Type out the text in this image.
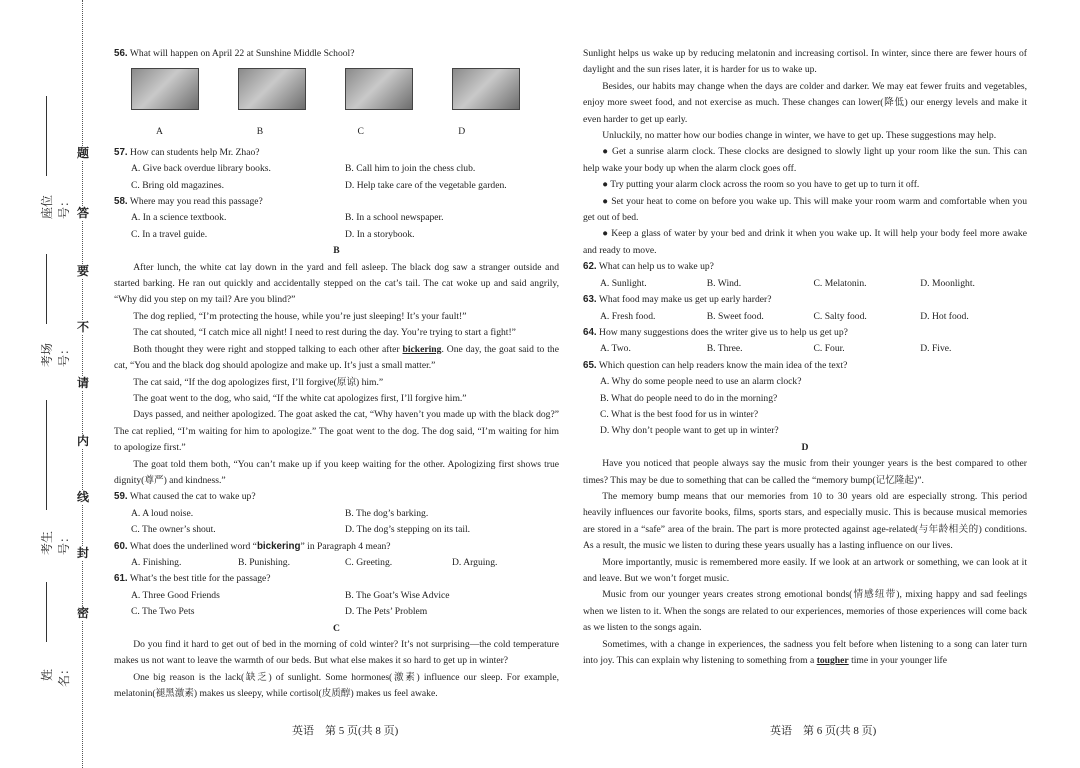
题
答
要
不
请
内
线
封
密
座位号：
考场号：
考生号：
姓名：

56. What will happen on April 22 at Sunshine Middle School?

A	B	C	D

57. How can students help Mr. Zhao?

A. Give back overdue library books.	B. Call him to join the chess club.
C. Bring old magazines.	D. Help take care of the vegetable garden.

58. Where may you read this passage?

A. In a science textbook.	B. In a school newspaper.
C. In a travel guide.	D. In a storybook.

B

After lunch, the white cat lay down in the yard and fell asleep. The black dog saw a stranger outside and started barking. He ran out quickly and accidentally stepped on the cat’s tail. The cat woke up and said angrily, “Why did you step on my tail? Are you blind?”

The dog replied, “I’m protecting the house, while you’re just sleeping! It’s your fault!”

The cat shouted, “I catch mice all night! I need to rest during the day. You’re trying to start a fight!”

Both thought they were right and stopped talking to each other after bickering. One day, the goat said to the cat, “You and the black dog should apologize and make up. It’s just a small matter.”

The cat said, “If the dog apologizes first, I’ll forgive(原谅) him.”

The goat went to the dog, who said, “If the white cat apologizes first, I’ll forgive him.”

Days passed, and neither apologized. The goat asked the cat, “Why haven’t you made up with the black dog?” The cat replied, “I’m waiting for him to apologize.” The goat went to the dog. The dog said, “I’m waiting for him to apologize first.”

The goat told them both, “You can’t make up if you keep waiting for the other. Apologizing first shows true dignity(尊严) and kindness.”

59. What caused the cat to wake up?

A. A loud noise.	B. The dog’s barking.
C. The owner’s shout.	D. The dog’s stepping on its tail.

60. What does the underlined word “bickering” in Paragraph 4 mean?

A. Finishing.	B. Punishing.	C. Greeting.	D. Arguing.

61. What’s the best title for the passage?

A. Three Good Friends	B. The Goat’s Wise Advice
C. The Two Pets	D. The Pets’ Problem

C

Do you find it hard to get out of bed in the morning of cold winter? It’s not surprising—the cold temperature makes us not want to leave the warmth of our beds. But what else makes it so hard to get up in winter?

One big reason is the lack(缺乏) of sunlight. Some hormones(激素) influence our sleep. For example, melatonin(褪黑激素) makes us sleepy, while cortisol(皮质醇) makes us feel awake.

英语　第 5 页(共 8 页)

Sunlight helps us wake up by reducing melatonin and increasing cortisol. In winter, since there are fewer hours of daylight and the sun rises later, it is harder for us to wake up.

Besides, our habits may change when the days are colder and darker. We may eat fewer fruits and vegetables, enjoy more sweet food, and not exercise as much. These changes can lower(降低) our energy levels and make it even harder to get up early.

Unluckily, no matter how our bodies change in winter, we have to get up. These suggestions may help.

● Get a sunrise alarm clock. These clocks are designed to slowly light up your room like the sun. This can help wake your body up when the alarm clock goes off.

● Try putting your alarm clock across the room so you have to get up to turn it off.

● Set your heat to come on before you wake up. This will make your room warm and comfortable when you get out of bed.

● Keep a glass of water by your bed and drink it when you wake up. It will help your body feel more awake and ready to move.

62. What can help us to wake up?

A. Sunlight.	B. Wind.	C. Melatonin.	D. Moonlight.

63. What food may make us get up early harder?

A. Fresh food.	B. Sweet food.	C. Salty food.	D. Hot food.

64. How many suggestions does the writer give us to help us get up?

A. Two.	B. Three.	C. Four.	D. Five.

65. Which question can help readers know the main idea of the text?

A. Why do some people need to use an alarm clock?
B. What do people need to do in the morning?
C. What is the best food for us in winter?
D. Why don’t people want to get up in winter?

D

Have you noticed that people always say the music from their younger years is the best compared to other times? This may be due to something that can be called the “memory bump(记忆隆起)”.

The memory bump means that our memories from 10 to 30 years old are especially strong. This period heavily influences our favorite books, films, sports stars, and especially music. This is because musical memories are stored in a “safe” area of the brain. The part is more protected against age-related(与年龄相关的) conditions. As a result, the music we listen to during these years usually has a lasting influence on our lives.

More importantly, music is remembered more easily. If we look at an artwork or something, we can look at it and leave. But we won’t forget music.

Music from our younger years creates strong emotional bonds(情感纽带), mixing happy and sad feelings when we listen to it. When the songs are related to our experiences, memories of those experiences will come back as we listen to the songs again.

Sometimes, with a change in experiences, the sadness you felt before when listening to a song can later turn into joy. This can explain why listening to something from a tougher time in your younger life

英语　第 6 页(共 8 页)
